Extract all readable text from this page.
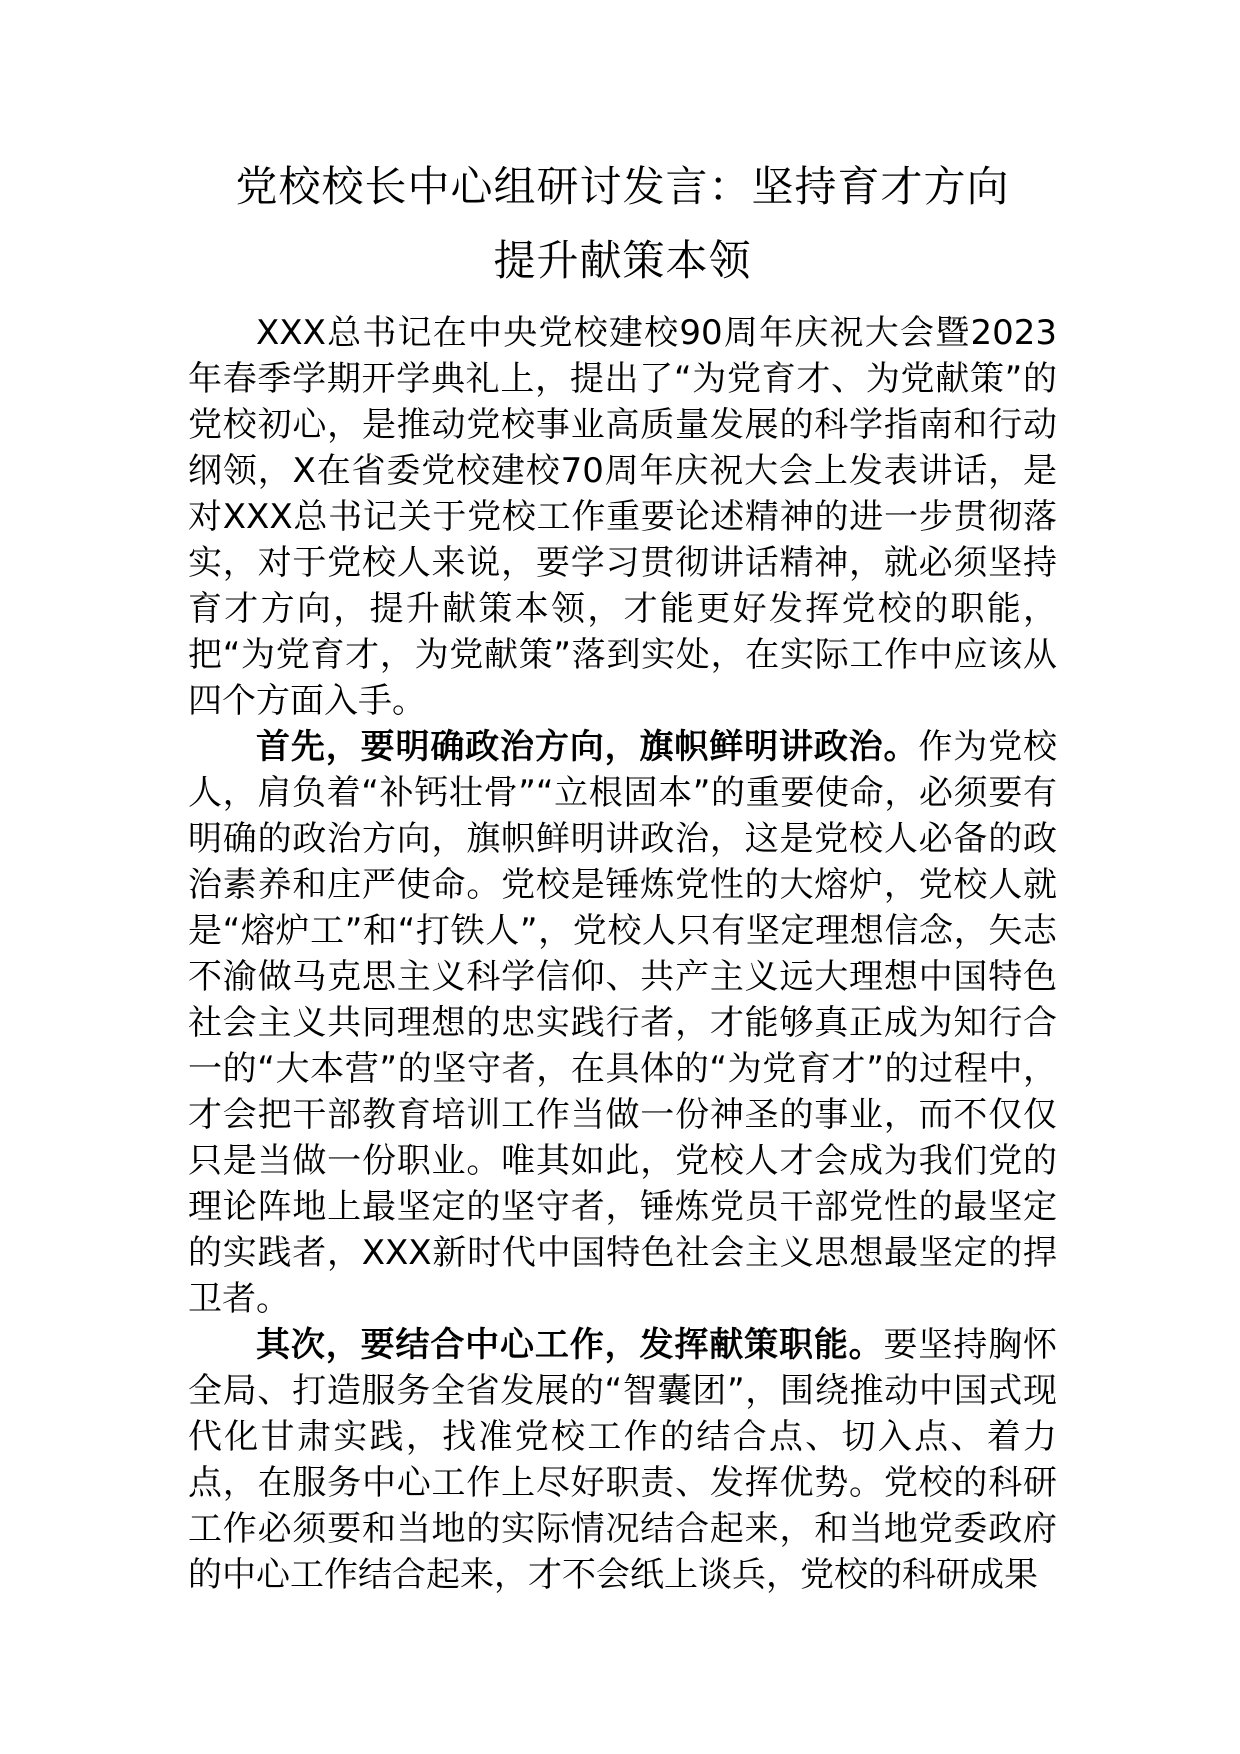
党校校长中心组研讨发言：坚持育才方向
提升献策本领

XXX总书记在中央党校建校90周年庆祝大会暨2023年春季学期开学典礼上，提出了“为党育才、为党献策”的党校初心，是推动党校事业高质量发展的科学指南和行动纲领，X在省委党校建校70周年庆祝大会上发表讲话，是对XXX总书记关于党校工作重要论述精神的进一步贯彻落实，对于党校人来说，要学习贯彻讲话精神，就必须坚持育才方向，提升献策本领，才能更好发挥党校的职能，把“为党育才，为党献策”落到实处，在实际工作中应该从四个方面入手。

首先，要明确政治方向，旗帜鲜明讲政治。作为党校人，肩负着“补钙壮骨”“立根固本”的重要使命，必须要有明确的政治方向，旗帜鲜明讲政治，这是党校人必备的政治素养和庄严使命。党校是锤炼党性的大熔炉，党校人就是“熔炉工”和“打铁人”，党校人只有坚定理想信念，矢志不渝做马克思主义科学信仰、共产主义远大理想中国特色社会主义共同理想的忠实践行者，才能够真正成为知行合一的“大本营”的坚守者，在具体的“为党育才”的过程中，才会把干部教育培训工作当做一份神圣的事业，而不仅仅只是当做一份职业。唯其如此，党校人才会成为我们党的理论阵地上最坚定的坚守者，锤炼党员干部党性的最坚定的实践者，XXX新时代中国特色社会主义思想最坚定的捍卫者。

其次，要结合中心工作，发挥献策职能。要坚持胸怀全局、打造服务全省发展的“智囊团”，围绕推动中国式现代化甘肃实践，找准党校工作的结合点、切入点、着力点，在服务中心工作上尽好职责、发挥优势。党校的科研工作必须要和当地的实际情况结合起来，和当地党委政府的中心工作结合起来，才不会纸上谈兵，党校的科研成果
